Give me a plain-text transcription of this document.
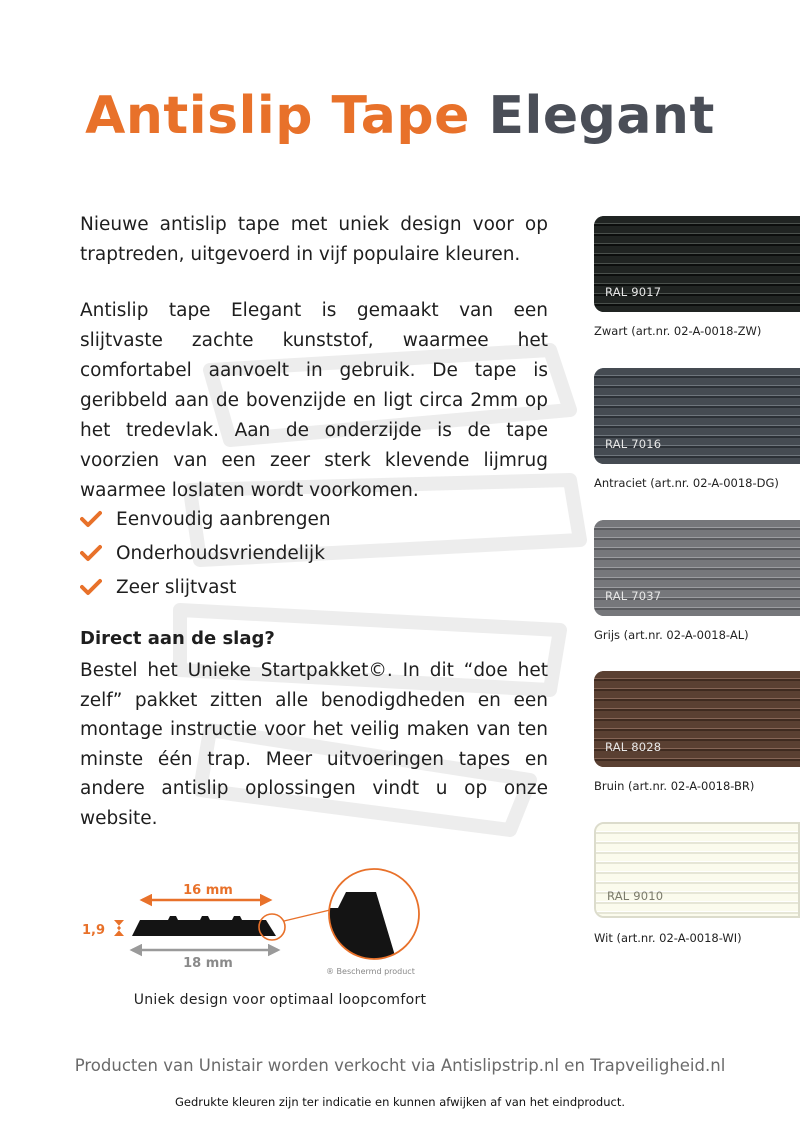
Antislip Tape Elegant

Nieuwe antislip tape met uniek design voor op traptreden, uitgevoerd in vijf populaire kleuren.

Antislip tape Elegant is gemaakt van een slijtvaste zachte kunststof, waarmee het comfortabel aanvoelt in gebruik. De tape is geribbeld aan de bovenzijde en ligt circa 2mm op het tredevlak. Aan de onderzijde is de tape voorzien van een zeer sterk klevende lijmrug waarmee loslaten wordt voorkomen.

Eenvoudig aanbrengen
Onderhoudsvriendelijk
Zeer slijtvast
Direct aan de slag?

Bestel het Unieke Startpakket©. In dit “doe het zelf” pakket zitten alle benodigdheden en een montage instructie voor het veilig maken van ten minste één trap. Meer uitvoeringen tapes en andere antislip oplossingen vindt u op onze website.

RAL 9017
Zwart (art.nr. 02-A-0018-ZW)
RAL 7016
Antraciet (art.nr. 02-A-0018-DG)
RAL 7037
Grijs (art.nr. 02-A-0018-AL)
RAL 8028
Bruin (art.nr. 02-A-0018-BR)
RAL 9010
Wit (art.nr. 02-A-0018-WI)
16 mm
1,9
18 mm
® Beschermd product
Uniek design voor optimaal loopcomfort
Producten van Unistair worden verkocht via Antislipstrip.nl en Trapveiligheid.nl
Gedrukte kleuren zijn ter indicatie en kunnen afwijken af van het eindproduct.
